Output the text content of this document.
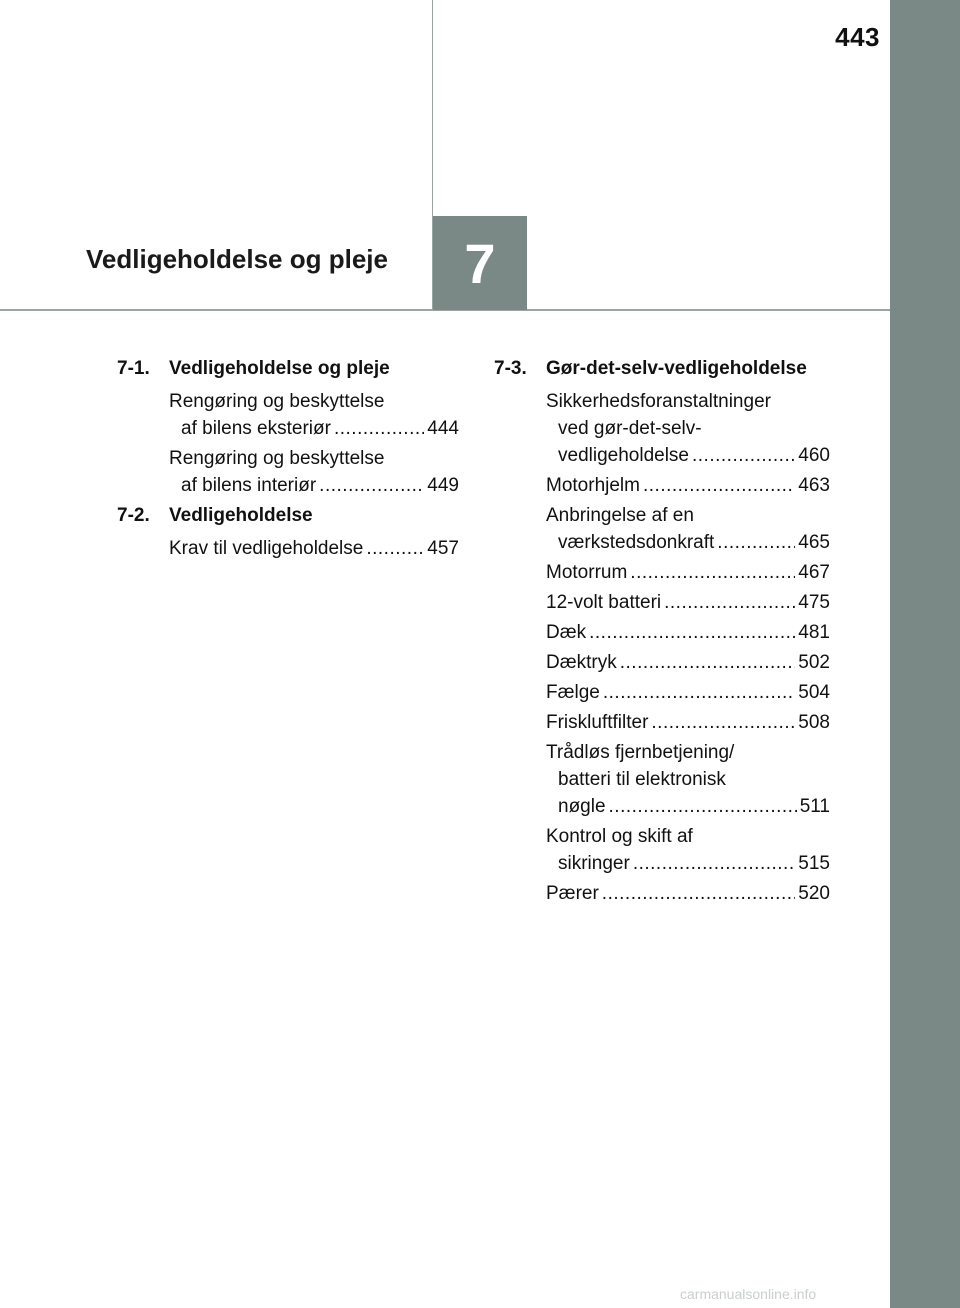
443
Vedligeholdelse og pleje	7
7-1.	Vedligeholdelse og pleje
Rengøring og beskyttelse
af bilens eksteriør .....	444
Rengøring og beskyttelse
af bilens interiør .....	449
7-2.	Vedligeholdelse
Krav til vedligeholdelse .....	457
7-3.	Gør-det-selv-vedligeholdelse
Sikkerhedsforanstaltninger
ved gør-det-selv-
vedligeholdelse .....	460
Motorhjelm .....	463
Anbringelse af en
værkstedsdonkraft .....	465
Motorrum .....	467
12-volt batteri .....	475
Dæk .....	481
Dæktryk .....	502
Fælge .....	504
Friskluftfilter .....	508
Trådløs fjernbetjening/
batteri til elektronisk
nøgle .....	511
Kontrol og skift af
sikringer .....	515
Pærer .....	520
carmanualsonline.info
